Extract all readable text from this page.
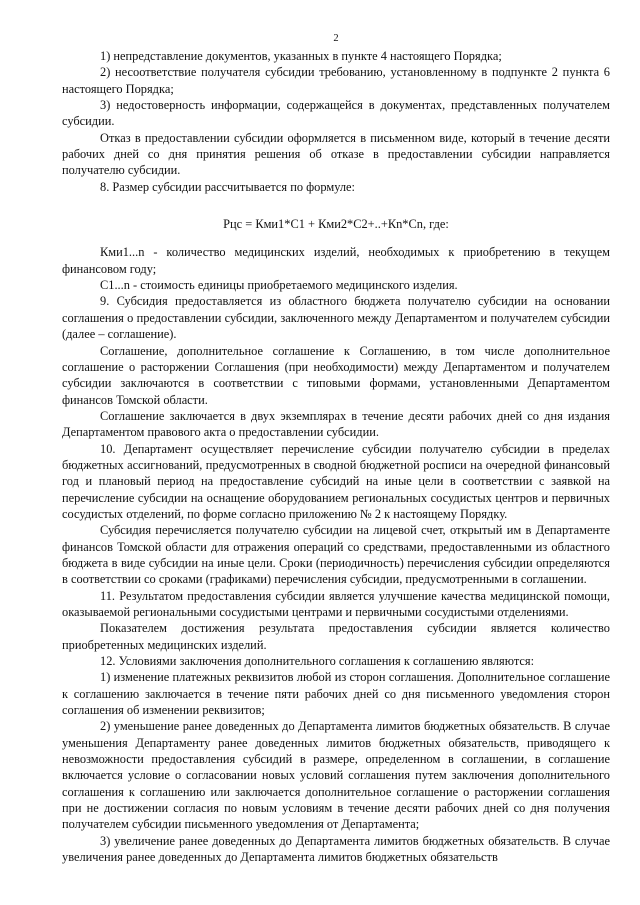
2

1) непредставление документов, указанных в пункте 4 настоящего Порядка;

2) несоответствие получателя субсидии требованию, установленному в подпункте 2 пункта 6 настоящего Порядка;

3) недостоверность информации, содержащейся в документах, представленных получателем субсидии.

Отказ в предоставлении субсидии оформляется в письменном виде, который в течение десяти рабочих дней со дня принятия решения об отказе в предоставлении субсидии направляется получателю субсидии.

8. Размер субсидии рассчитывается по формуле:

Рцс = Кми1*С1 + Кми2*С2+..+Кn*Сn, где:

Кми1...n - количество медицинских изделий, необходимых к приобретению в текущем финансовом году;

С1...n - стоимость единицы приобретаемого медицинского изделия.

9. Субсидия предоставляется из областного бюджета получателю субсидии на основании соглашения о предоставлении субсидии, заключенного между Департаментом и получателем субсидии (далее – соглашение).

Соглашение, дополнительное соглашение к Соглашению, в том числе дополнительное соглашение о расторжении Соглашения (при необходимости) между Департаментом и получателем субсидии заключаются в соответствии с типовыми формами, установленными Департаментом финансов Томской области.

Соглашение заключается в двух экземплярах в течение десяти рабочих дней со дня издания Департаментом правового акта о предоставлении субсидии.

10. Департамент осуществляет перечисление субсидии получателю субсидии в пределах бюджетных ассигнований, предусмотренных в сводной бюджетной росписи на очередной финансовый год и плановый период на предоставление субсидий на иные цели в соответствии с заявкой на перечисление субсидии на оснащение оборудованием региональных сосудистых центров и первичных сосудистых отделений, по форме согласно приложению № 2 к настоящему Порядку.

Субсидия перечисляется получателю субсидии на лицевой счет, открытый им в Департаменте финансов Томской области для отражения операций со средствами, предоставленными из областного бюджета в виде субсидии на иные цели. Сроки (периодичность) перечисления субсидии определяются в соответствии со сроками (графиками) перечисления субсидии, предусмотренными в соглашении.

11. Результатом предоставления субсидии является улучшение качества медицинской помощи, оказываемой региональными сосудистыми центрами и первичными сосудистыми отделениями.

Показателем достижения результата предоставления субсидии является количество приобретенных медицинских изделий.

12. Условиями заключения дополнительного соглашения к соглашению являются:

1) изменение платежных реквизитов любой из сторон соглашения. Дополнительное соглашение к соглашению заключается в течение пяти рабочих дней со дня письменного уведомления сторон соглашения об изменении реквизитов;

2) уменьшение ранее доведенных до Департамента лимитов бюджетных обязательств. В случае уменьшения Департаменту ранее доведенных лимитов бюджетных обязательств, приводящего к невозможности предоставления субсидий в размере, определенном в соглашении, в соглашение включается условие о согласовании новых условий соглашения путем заключения дополнительного соглашения к соглашению или заключается дополнительное соглашение о расторжении соглашения при не достижении согласия по новым условиям в течение десяти рабочих дней со дня получения получателем субсидии письменного уведомления от Департамента;

3) увеличение ранее доведенных до Департамента лимитов бюджетных обязательств. В случае увеличения ранее доведенных до Департамента лимитов бюджетных обязательств
